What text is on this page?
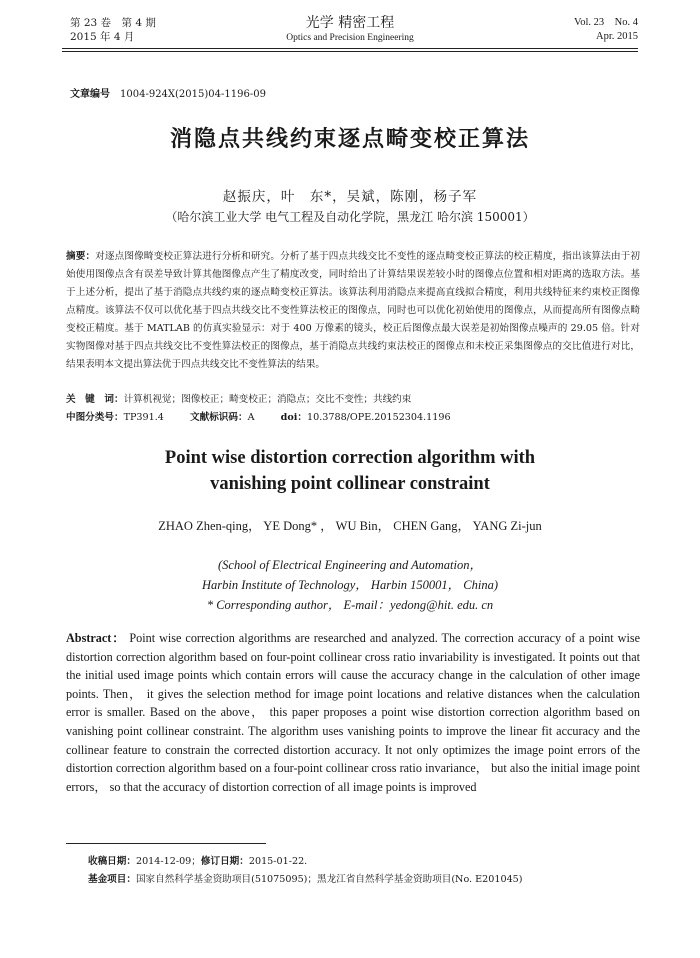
第 23 卷　第 4 期
2015 年 4 月
光学 精密工程
Optics and Precision Engineering
Vol. 23　No. 4
Apr. 2015
文章编号 1004-924X(2015)04-1196-09
消隐点共线约束逐点畸变校正算法
赵振庆，叶　东*，吴斌，陈刚，杨子军
（哈尔滨工业大学 电气工程及自动化学院，黑龙江 哈尔滨 150001）
摘要：对逐点图像畸变校正算法进行分析和研究。分析了基于四点共线交比不变性的逐点畸变校正算法的校正精度，指出该算法由于初始使用图像点含有误差导致计算其他图像点产生了精度改变，同时给出了计算结果误差较小时的图像点位置和相对距离的选取方法。基于上述分析，提出了基于消隐点共线约束的逐点畸变校正算法。该算法利用消隐点来提高直线拟合精度，利用共线特征来约束校正图像点精度。该算法不仅可以优化基于四点共线交比不变性算法校正的图像点，同时也可以优化初始使用的图像点，从而提高所有图像点畸变校正精度。基于 MATLAB 的仿真实验显示：对于 400 万像素的镜头，校正后图像点最大误差是初始图像点噪声的 29.05 倍。针对实物图像对基于四点共线交比不变性算法校正的图像点，基于消隐点共线约束法校正的图像点和未校正采集图像点的交比值进行对比，结果表明本文提出算法优于四点共线交比不变性算法的结果。
关　键　词：计算机视觉；图像校正；畸变校正；消隐点；交比不变性；共线约束
中图分类号：TP391.4	文献标识码：A	doi：10.3788/OPE.20152304.1196
Point wise distortion correction algorithm with
vanishing point collinear constraint
ZHAO Zhen-qing， YE Dong* ， WU Bin， CHEN Gang， YANG Zi-jun
(School of Electrical Engineering and Automation，
Harbin Institute of Technology， Harbin 150001， China)
* Corresponding author， E-mail：yedong@hit. edu. cn
Abstract： Point wise correction algorithms are researched and analyzed. The correction accuracy of a point wise distortion correction algorithm based on four-point collinear cross ratio invariability is investigated. It points out that the initial used image points which contain errors will cause the accuracy change in the calculation of other image points. Then， it gives the selection method for image point locations and relative distances when the calculation error is smaller. Based on the above， this paper proposes a point wise distortion correction algorithm based on vanishing point collinear constraint. The algorithm uses vanishing points to improve the linear fit accuracy and the collinear feature to constrain the corrected distortion accuracy. It not only optimizes the image point errors of the distortion correction algorithm based on a four-point collinear cross ratio invariance， but also the initial image point errors， so that the accuracy of distortion correction of all image points is improved
收稿日期：2014-12-09；修订日期：2015-01-22.
基金项目：国家自然科学基金资助项目(51075095)；黑龙江省自然科学基金资助项目(No. E201045)
